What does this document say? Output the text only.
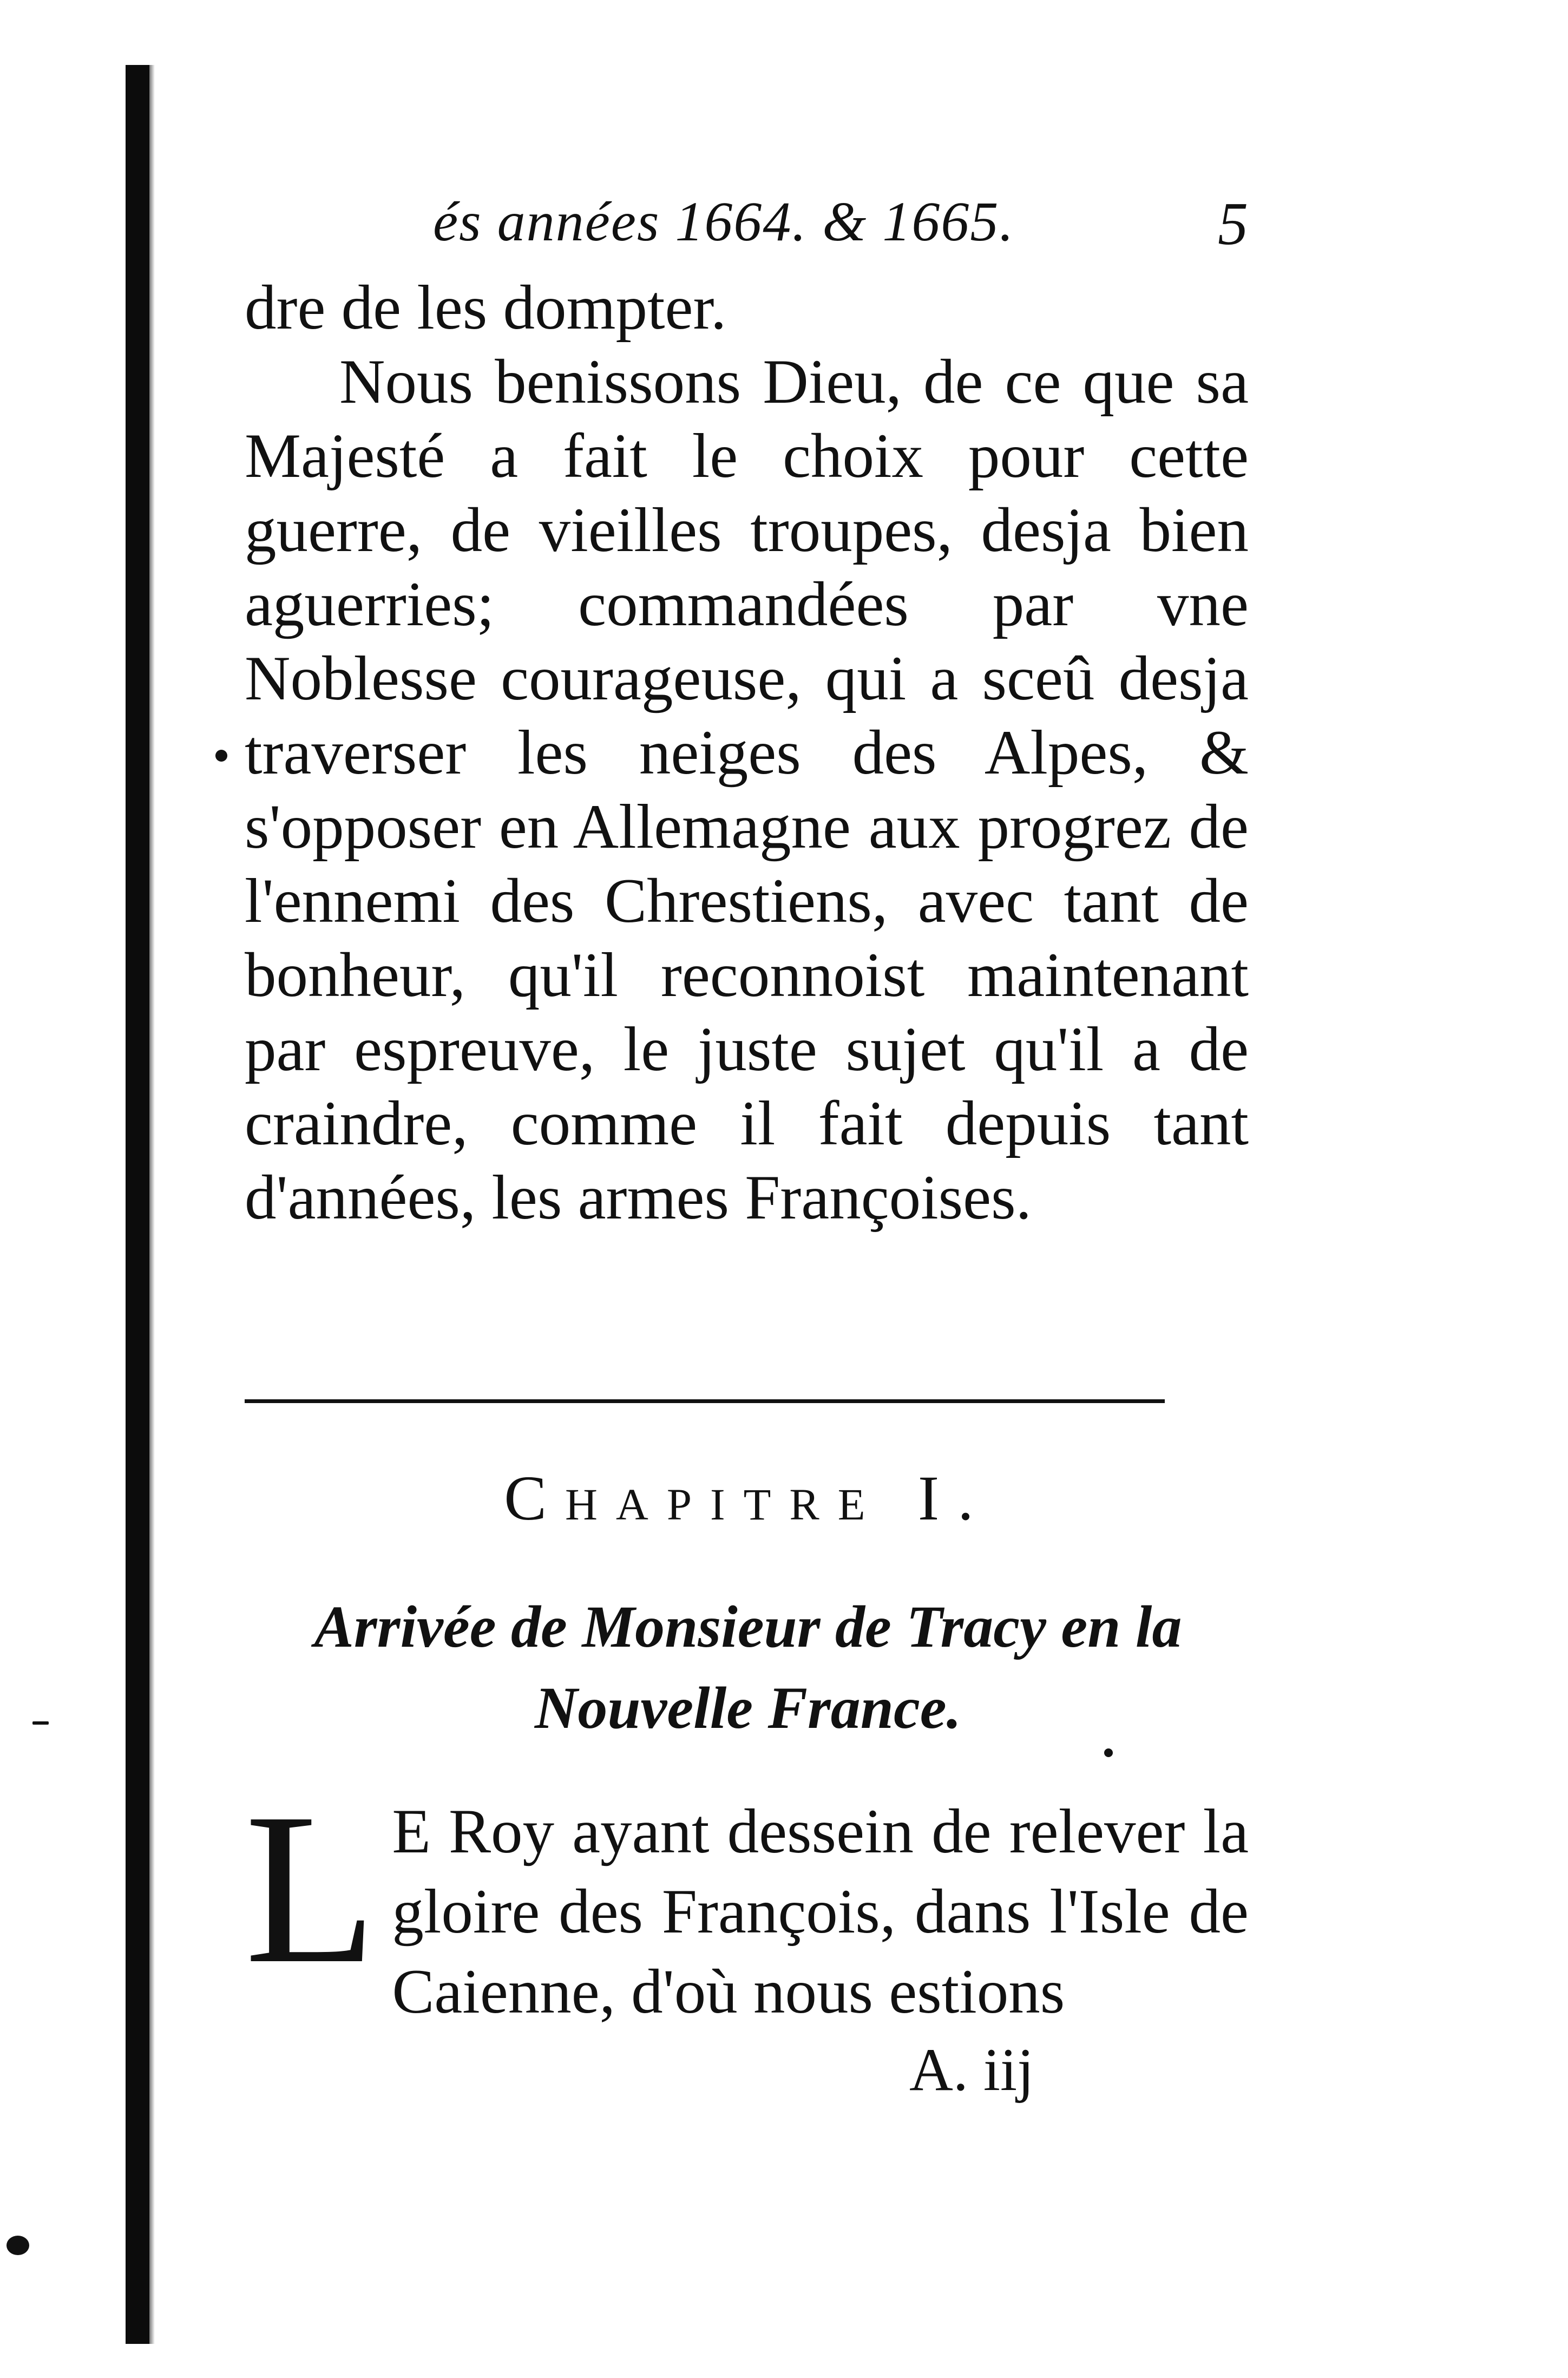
és années 1664. & 1665.	5

dre de les dompter.

Nous benissons Dieu, de ce que sa Majesté a fait le choix pour cette guerre, de vieilles troupes, desja bien aguerries; commandées par vne Noblesse courageuse, qui a sceû desja traverser les neiges des Alpes, & s'opposer en Allemagne aux progrez de l'ennemi des Chrestiens, avec tant de bonheur, qu'il reconnoist maintenant par espreuve, le juste sujet qu'il a de craindre, comme il fait depuis tant d'années, les armes Françoises.

Chapitre I.
Arrivée de Monsieur de Tracy en la
Nouvelle France.
L E Roy ayant dessein de relever la gloire des François, dans l'Isle de Caienne, d'où nous estions

A. iij
